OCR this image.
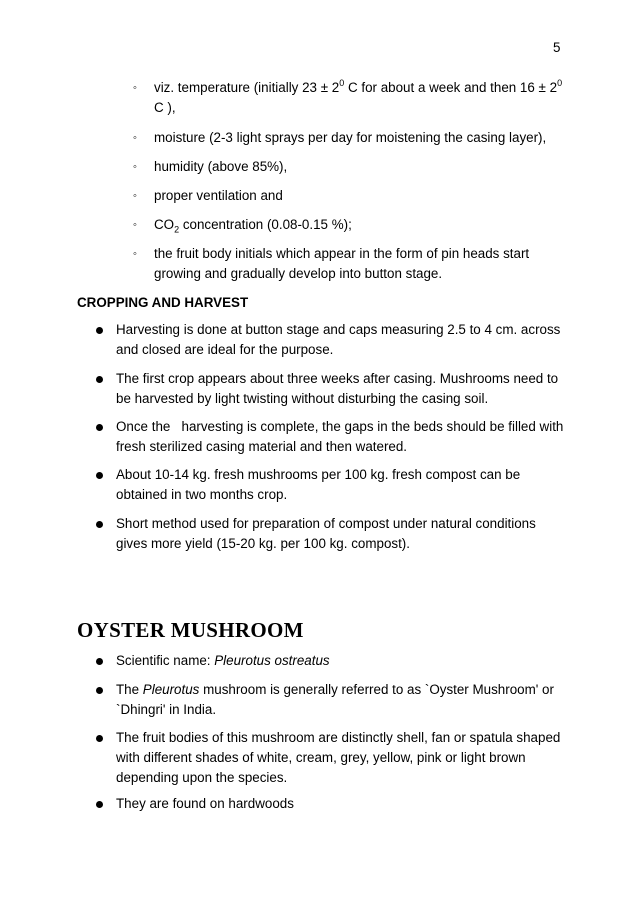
5
◦ viz. temperature (initially $23 \pm 2^0$ C for about a week and then $16 \pm 2^0$ C ),
◦ moisture (2-3 light sprays per day for moistening the casing layer),
◦ humidity (above 85%),
◦ proper ventilation and
◦ $CO_2$ concentration (0.08-0.15 %);
◦ the fruit body initials which appear in the form of pin heads start growing and gradually develop into button stage.
CROPPING AND HARVEST
Harvesting is done at button stage and caps measuring 2.5 to 4 cm. across and closed are ideal for the purpose.
The first crop appears about three weeks after casing. Mushrooms need to be harvested by light twisting without disturbing the casing soil.
Once the   harvesting is complete, the gaps in the beds should be filled with fresh sterilized casing material and then watered.
About 10-14 kg. fresh mushrooms per 100 kg. fresh compost can be obtained in two months crop.
Short method used for preparation of compost under natural conditions gives more yield (15-20 kg. per 100 kg. compost).
OYSTER MUSHROOM
Scientific name: Pleurotus ostreatus
The Pleurotus mushroom is generally referred to as `Oyster Mushroom' or `Dhingri' in India.
The fruit bodies of this mushroom are distinctly shell, fan or spatula shaped with different shades of white, cream, grey, yellow, pink or light brown depending upon the species.
They are found on hardwoods
